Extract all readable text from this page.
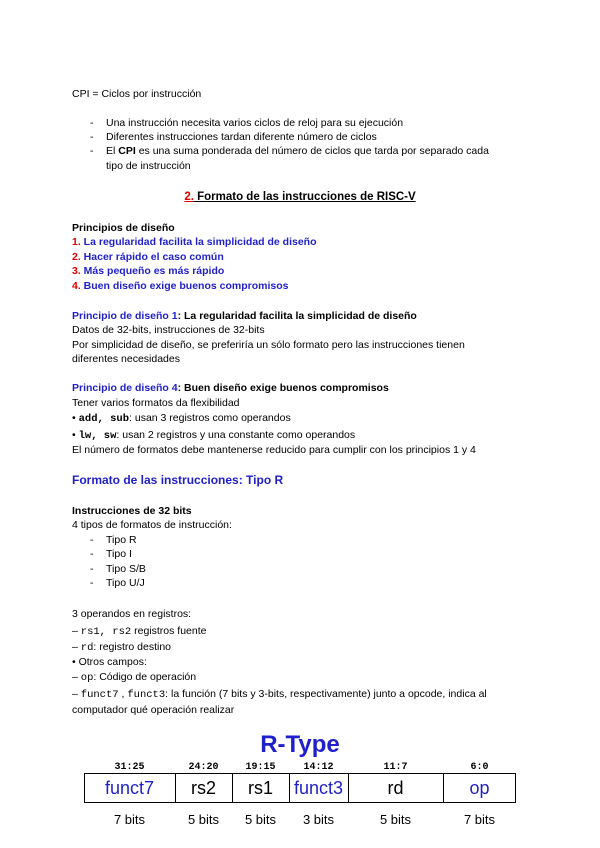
CPI = Ciclos por instrucción
- Una instrucción necesita varios ciclos de reloj para su ejecución
- Diferentes instrucciones tardan diferente número de ciclos
- El CPI es una suma ponderada del número de ciclos que tarda por separado cada
tipo de instrucción
2. Formato de las instrucciones de RISC-V
Principios de diseño
1. La regularidad facilita la simplicidad de diseño
2. Hacer rápido el caso común
3. Más pequeño es más rápido
4. Buen diseño exige buenos compromisos
Principio de diseño 1: La regularidad facilita la simplicidad de diseño
Datos de 32-bits, instrucciones de 32-bits
Por simplicidad de diseño, se preferiría un sólo formato pero las instrucciones tienen
diferentes necesidades
Principio de diseño 4: Buen diseño exige buenos compromisos
Tener varios formatos da flexibilidad
• add, sub: usan 3 registros como operandos
• lw, sw: usan 2 registros y una constante como operandos
El número de formatos debe mantenerse reducido para cumplir con los principios 1 y 4
Formato de las instrucciones: Tipo R
Instrucciones de 32 bits
4 tipos de formatos de instrucción:
- Tipo R
- Tipo I
- Tipo S/B
- Tipo U/J
3 operandos en registros:
– rs1, rs2 registros fuente
– rd: registro destino
• Otros campos:
– op: Código de operación
– funct7 , funct3: la función (7 bits y 3-bits, respectivamente) junto a opcode, indica al
computador qué operación realizar
R-Type
31:25
funct7
7 bits
24:20
rs2
5 bits
19:15
rs1
5 bits
14:12
funct3
3 bits
11:7
rd
5 bits
6:0
op
7 bits
